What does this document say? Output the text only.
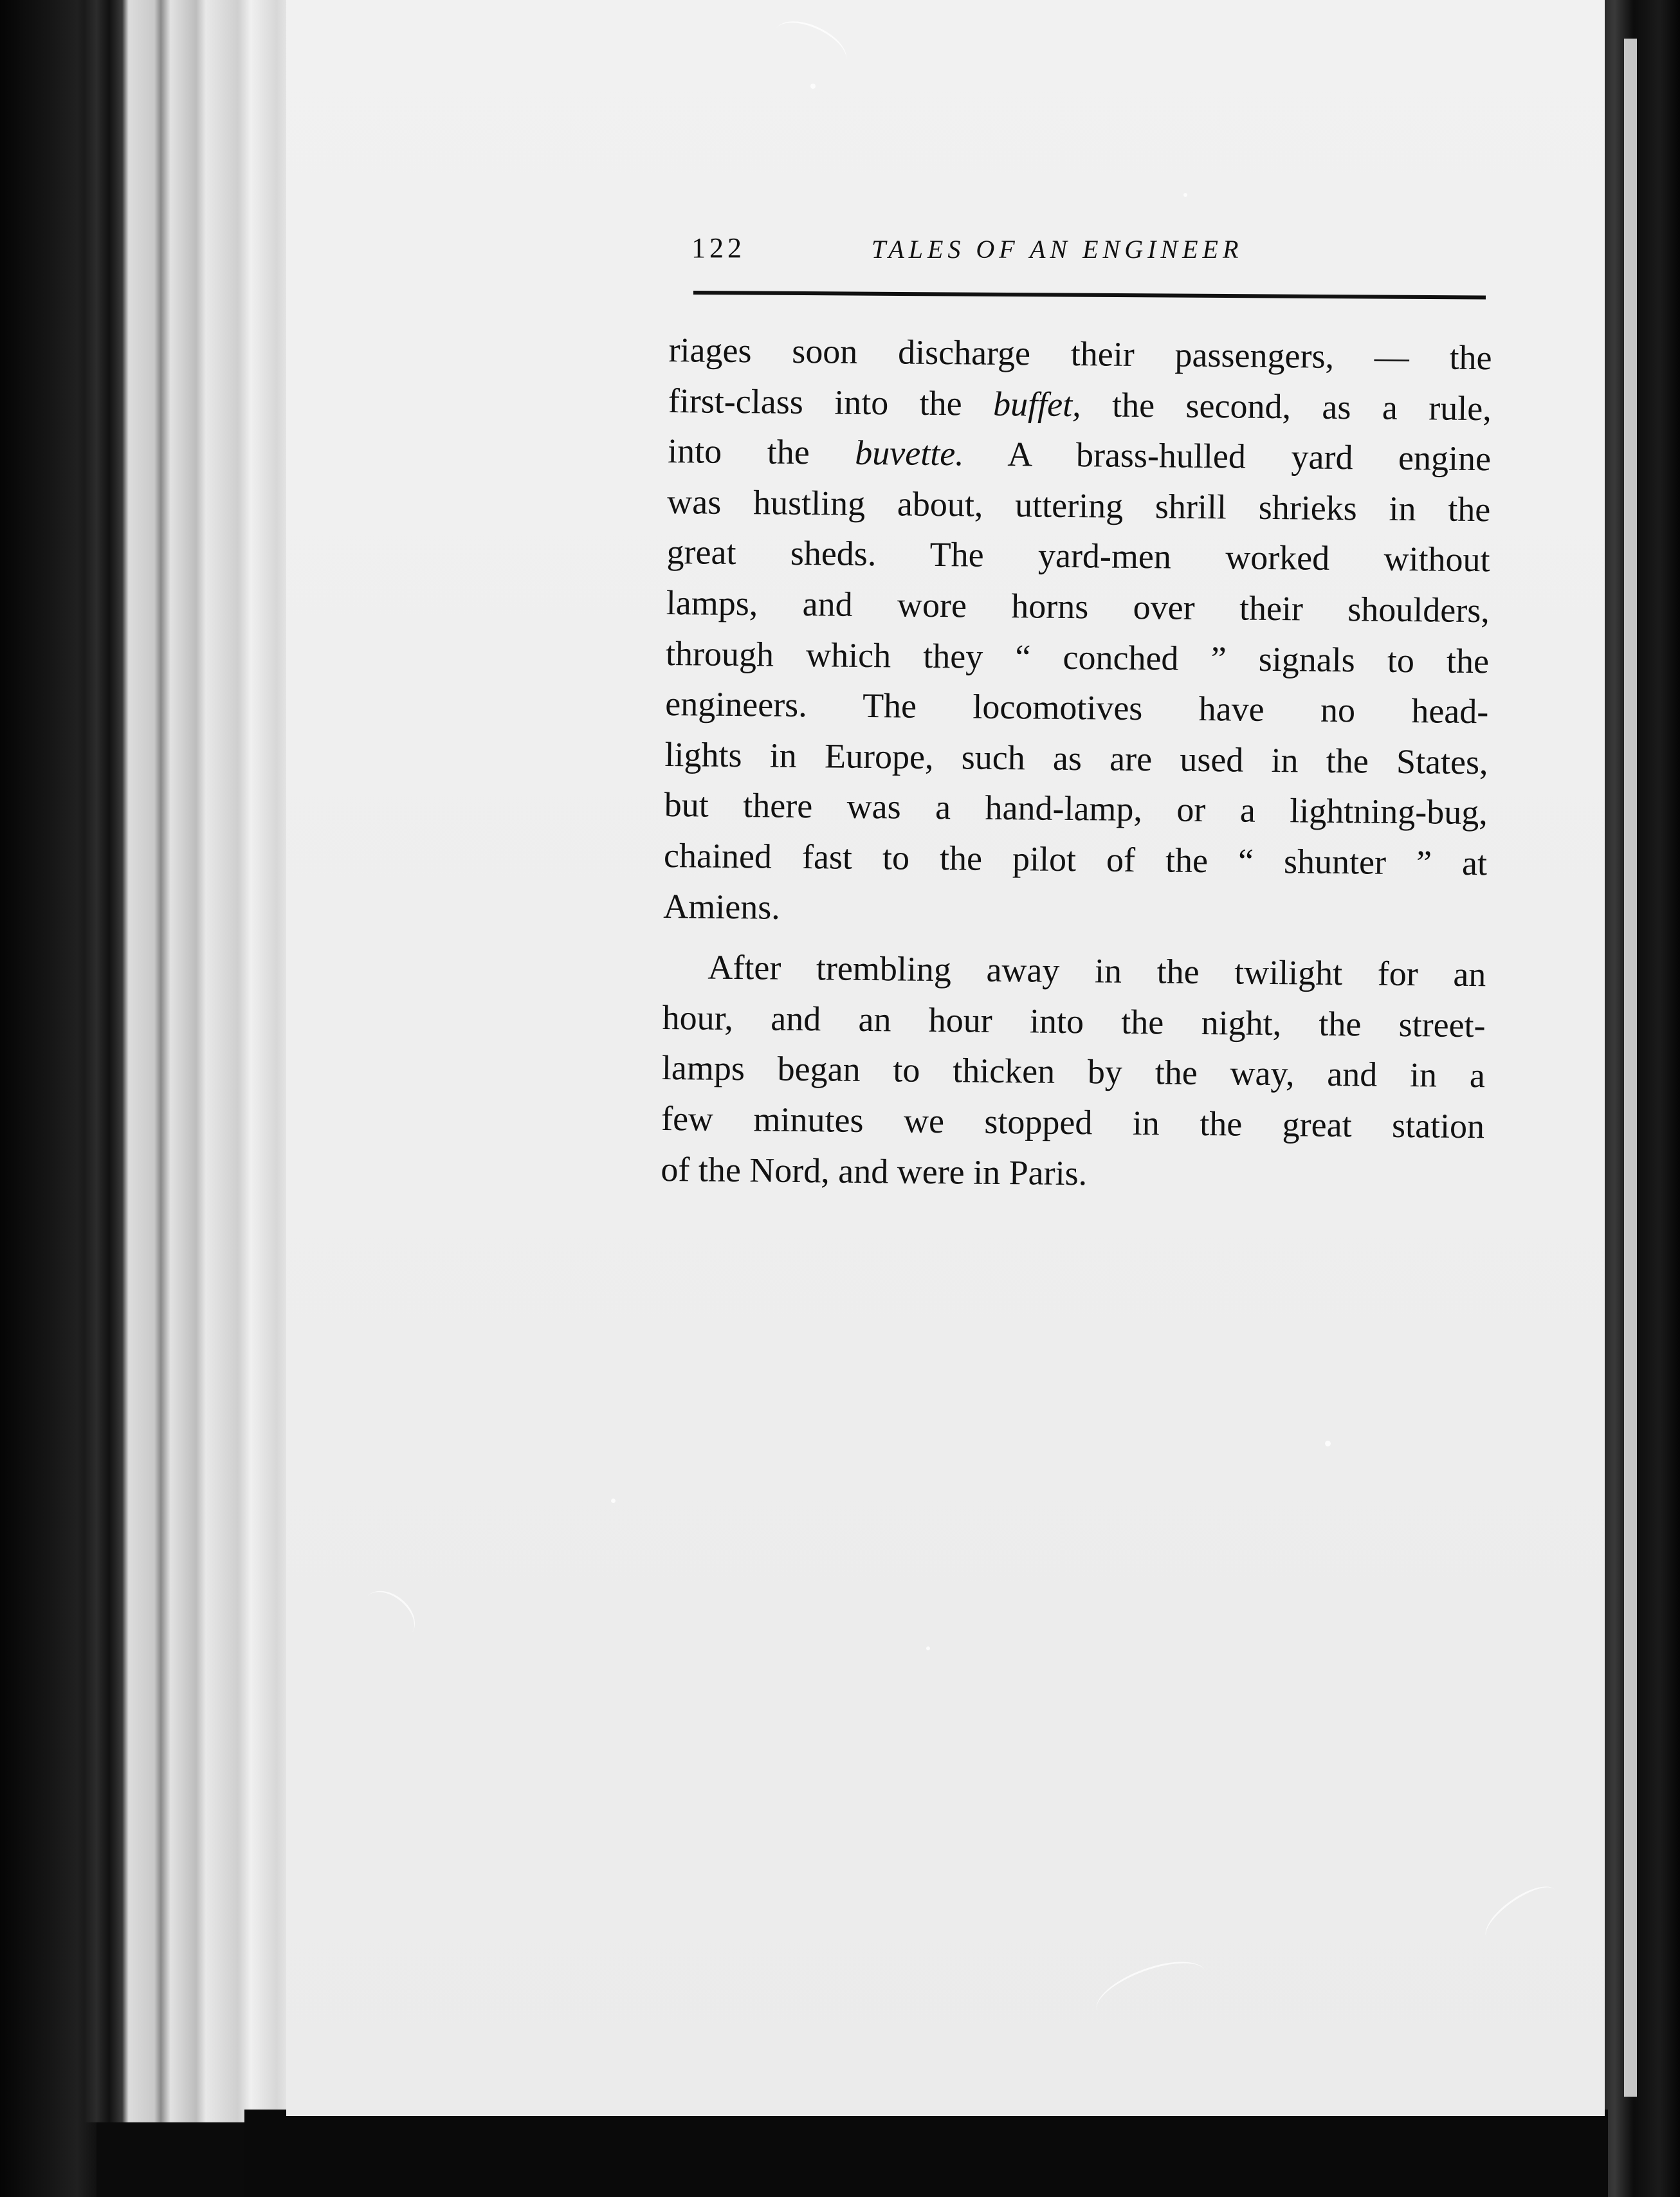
122	TALES OF AN ENGINEER

riages soon discharge their passengers, — the
first-class into the buffet, the second, as a rule,
into the buvette. A brass-hulled yard engine
was hustling about, uttering shrill shrieks in the
great sheds. The yard-men worked without
lamps, and wore horns over their shoulders,
through which they “ conched ” signals to the
engineers. The locomotives have no head-
lights in Europe, such as are used in the States,
but there was a hand-lamp, or a lightning-bug,
chained fast to the pilot of the “ shunter ” at
Amiens.

After trembling away in the twilight for an
hour, and an hour into the night, the street-
lamps began to thicken by the way, and in a
few minutes we stopped in the great station
of the Nord, and were in Paris.
